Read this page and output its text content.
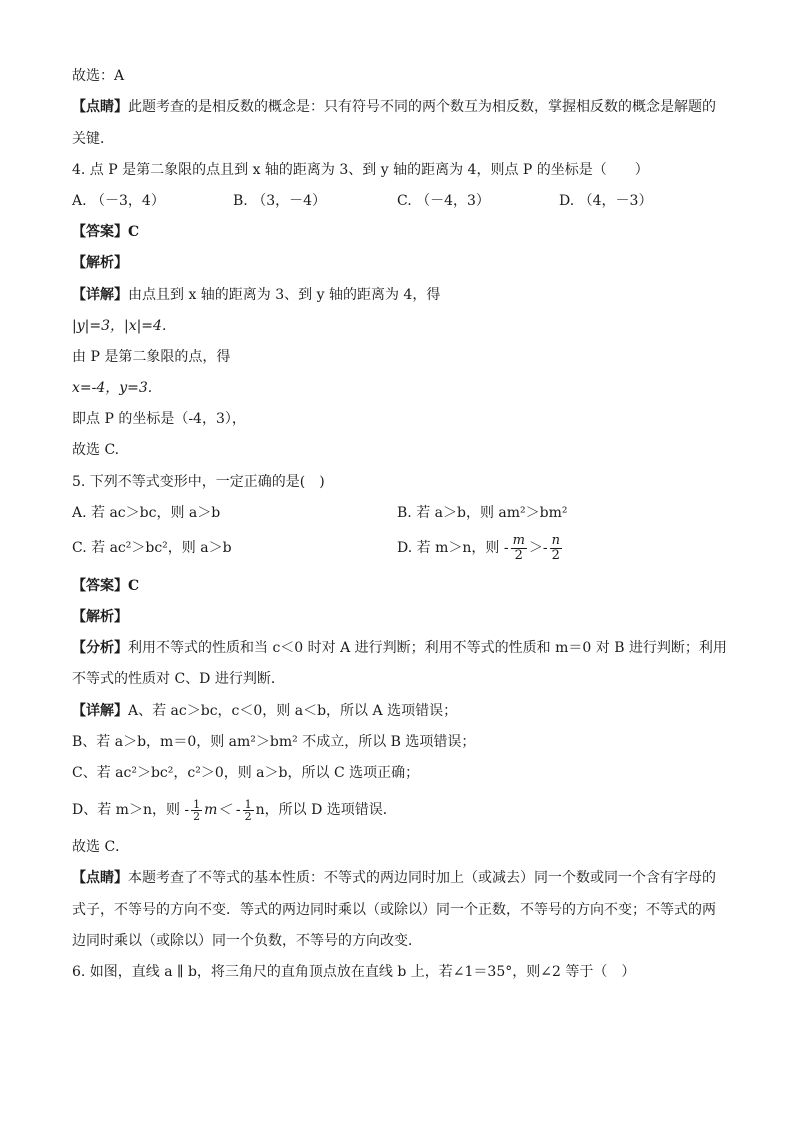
故选：A
【点睛】此题考查的是相反数的概念是：只有符号不同的两个数互为相反数，掌握相反数的概念是解题的
关键．
4. 点 P 是第二象限的点且到 x 轴的距离为 3、到 y 轴的距离为 4，则点 P 的坐标是（　　）
A. （－3，4）	B. （3，－4）	C. （－4，3）	D. （4，－3）
【答案】C
【解析】
【详解】由点且到 x 轴的距离为 3、到 y 轴的距离为 4，得
|y|=3，|x|=4.
由 P 是第二象限的点，得
x=-4，y=3.
即点 P 的坐标是（-4，3），
故选 C.
5. 下列不等式变形中，一定正确的是(　)
A. 若 ac＞bc，则 a＞b	B. 若 a＞b，则 am²＞bm²
C. 若 ac²＞bc²，则 a＞b	D. 若 m＞n，则 - $\frac{m}{2} >- \frac{n}{2}$
【答案】C
【解析】
【分析】利用不等式的性质和当 c＜0 时对 A 进行判断；利用不等式的性质和 m＝0 对 B 进行判断；利用
不等式的性质对 C、D 进行判断．
【详解】A、若 ac＞bc，c＜0，则 a＜b，所以 A 选项错误；
B、若 a＞b，m＝0，则 am²＞bm² 不成立，所以 B 选项错误；
C、若 ac²＞bc²，c²＞0，则 a＞b，所以 C 选项正确；
D、若 m＞n，则 - $\frac{1}{2} m< - \frac{1}{2}$ n，所以 D 选项错误．
故选 C．
【点睛】本题考查了不等式的基本性质：不等式的两边同时加上（或减去）同一个数或同一个含有字母的
式子，不等号的方向不变．等式的两边同时乘以（或除以）同一个正数，不等号的方向不变；不等式的两
边同时乘以（或除以）同一个负数，不等号的方向改变．
6. 如图，直线 a ∥ b，将三角尺的直角顶点放在直线 b 上，若∠1＝35°，则∠2 等于（　）
